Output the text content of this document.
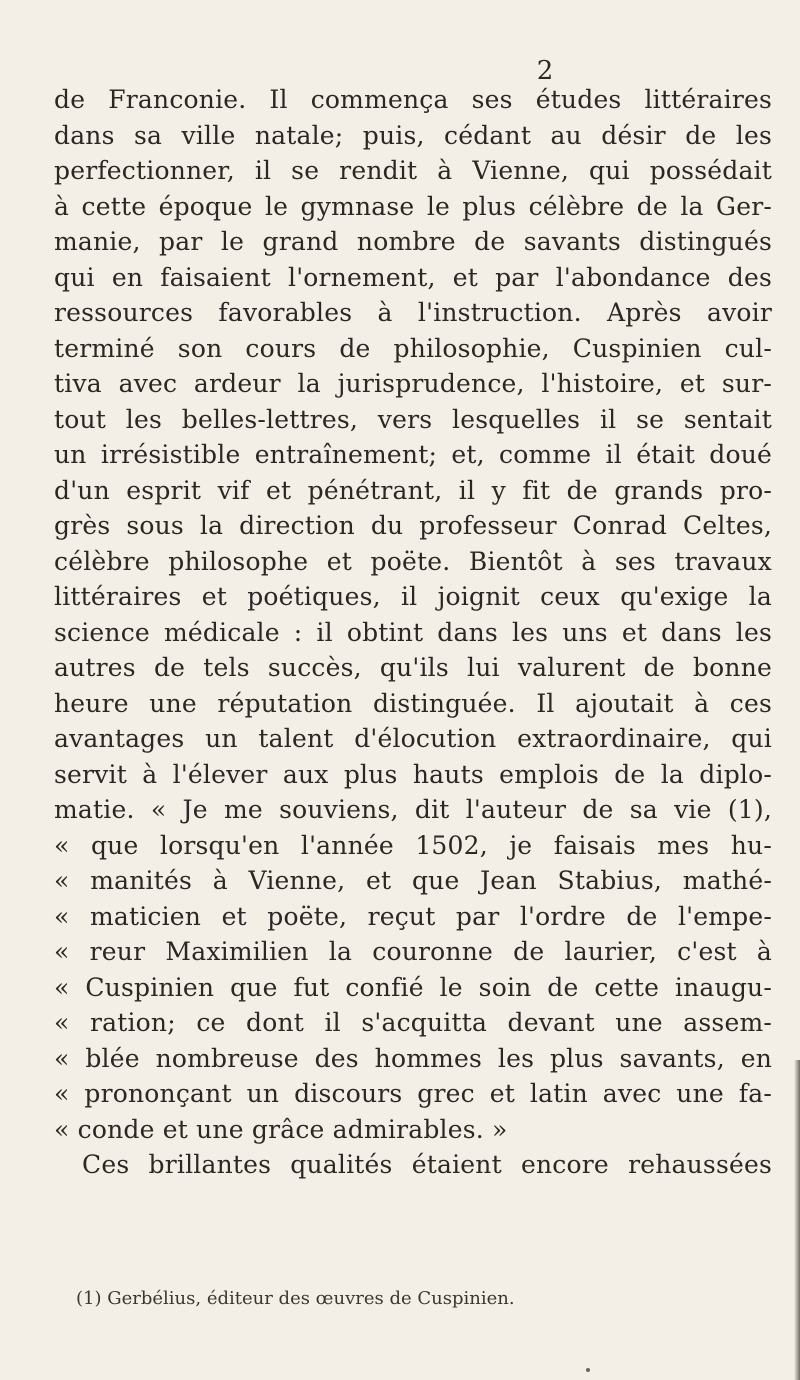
2
de Franconie. Il commença ses études littéraires
dans sa ville natale; puis, cédant au désir de les
perfectionner, il se rendit à Vienne, qui possédait
à cette époque le gymnase le plus célèbre de la Ger-
manie, par le grand nombre de savants distingués
qui en faisaient l'ornement, et par l'abondance des
ressources favorables à l'instruction. Après avoir
terminé son cours de philosophie, Cuspinien cul-
tiva avec ardeur la jurisprudence, l'histoire, et sur-
tout les belles-lettres, vers lesquelles il se sentait
un irrésistible entraînement; et, comme il était doué
d'un esprit vif et pénétrant, il y fit de grands pro-
grès sous la direction du professeur Conrad Celtes,
célèbre philosophe et poëte. Bientôt à ses travaux
littéraires et poétiques, il joignit ceux qu'exige la
science médicale : il obtint dans les uns et dans les
autres de tels succès, qu'ils lui valurent de bonne
heure une réputation distinguée. Il ajoutait à ces
avantages un talent d'élocution extraordinaire, qui
servit à l'élever aux plus hauts emplois de la diplo-
matie. « Je me souviens, dit l'auteur de sa vie (1),
« que lorsqu'en l'année 1502, je faisais mes hu-
« manités à Vienne, et que Jean Stabius, mathé-
« maticien et poëte, reçut par l'ordre de l'empe-
« reur Maximilien la couronne de laurier, c'est à
« Cuspinien que fut confié le soin de cette inaugu-
« ration; ce dont il s'acquitta devant une assem-
« blée nombreuse des hommes les plus savants, en
« prononçant un discours grec et latin avec une fa-
« conde et une grâce admirables. »
Ces brillantes qualités étaient encore rehaussées
(1) Gerbélius, éditeur des œuvres de Cuspinien.
